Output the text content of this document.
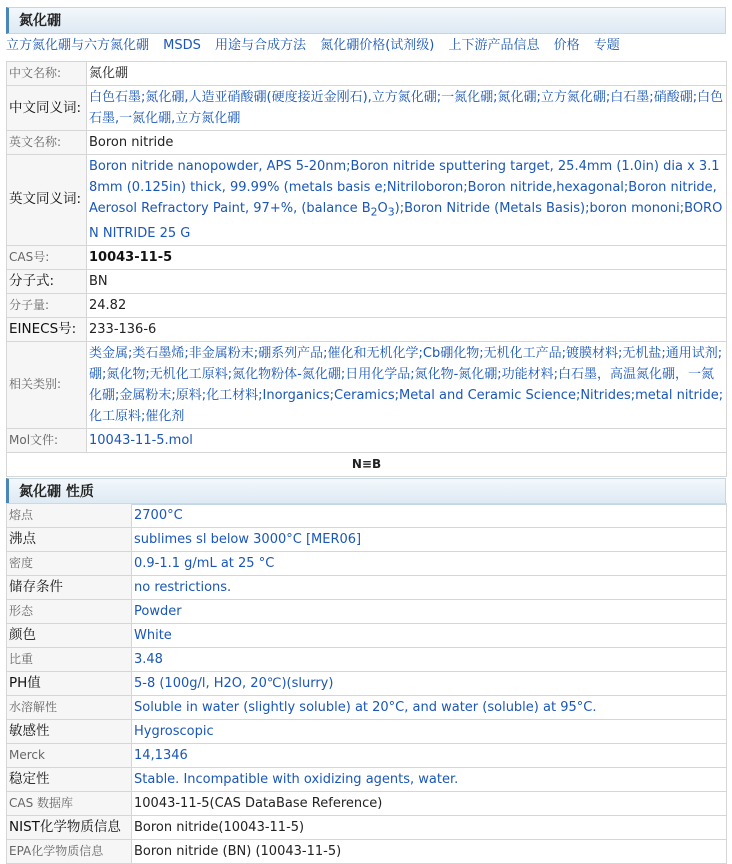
氮化硼
立方氮化硼与六方氮化硼 MSDS 用途与合成方法 氮化硼价格(试剂级) 上下游产品信息 价格 专题
中文名称:	氮化硼
中文同义词:	白色石墨;氮化硼,人造亚硝酸硼(硬度接近金刚石),立方氮化硼;一氮化硼;氮化硼;立方氮化硼;白石墨;硝酸硼;白色石墨,一氮化硼,立方氮化硼
英文名称:	Boron nitride
英文同义词:	Boron nitride nanopowder, APS 5-20nm;Boron nitride sputtering target, 25.4mm (1.0in) dia x 3.18mm (0.125in) thick, 99.99% (metals basis e;Nitriloboron;Boron nitride,hexagonal;Boron nitride, Aerosol Refractory Paint, 97+%, (balance $B_2O_3);Boron$ Nitride (Metals Basis);boron mononi;BORON NITRIDE 25 G
CAS号:	10043-11-5
分子式:	BN
分子量:	24.82
EINECS号:	233-136-6
相关类别:	类金属;类石墨烯;非金属粉末;硼系列产品;催化和无机化学;Cb硼化物;无机化工产品;镀膜材料;无机盐;通用试剂;硼;氮化物;无机化工原料;氮化物粉体-氮化硼;日用化学品;氮化物-氮化硼;功能材料;白石墨，高温氮化硼，一氮化硼;金属粉末;原料;化工材料;Inorganics;Ceramics;Metal and Ceramic Science;Nitrides;metal nitride;化工原料;催化剂
Mol文件:	10043-11-5.mol
N≡B	
氮化硼 性质
熔点	2700°C
沸点	sublimes sl below 3000°C [MER06]
密度	0.9-1.1 g/mL at 25 °C
储存条件	no restrictions.
形态	Powder
颜色	White
比重	3.48
PH值	5-8 (100g/l, H2O, 20℃)(slurry)
水溶解性	Soluble in water (slightly soluble) at 20°C, and water (soluble) at 95°C.
敏感性	Hygroscopic
Merck	14,1346
稳定性	Stable. Incompatible with oxidizing agents, water.
CAS 数据库	10043-11-5(CAS DataBase Reference)
NIST化学物质信息	Boron nitride(10043-11-5)
EPA化学物质信息	Boron nitride (BN) (10043-11-5)
